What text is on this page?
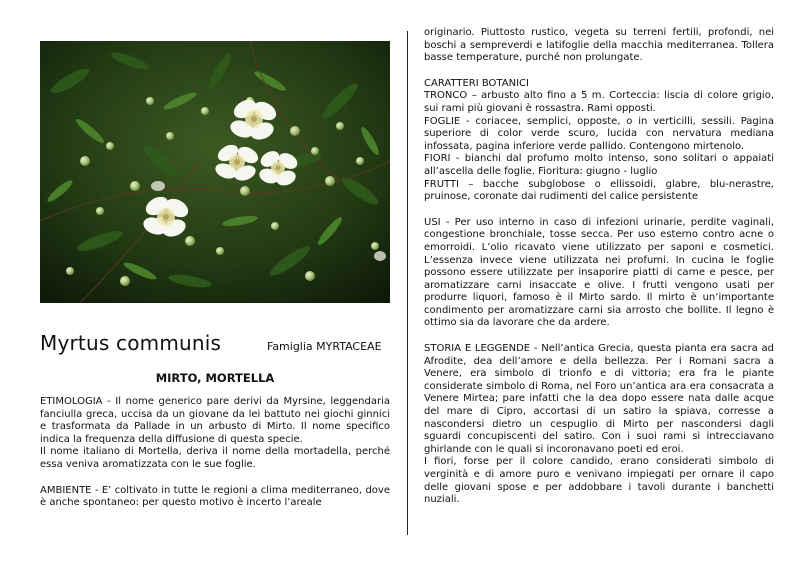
Myrtus communis	Famiglia MYRTACEAE
MIRTO, MORTELLA

ETIMOLOGIA - Il nome generico pare derivi da Myrsine, leggendaria fanciulla greca, uccisa da un giovane da lei battuto nei giochi ginnici e trasformata da Pallade in un arbusto di Mirto. Il nome specifico indica la frequenza della diffusione di questa specie.

Il nome italiano di Mortella, deriva il nome della mortadella, perché essa veniva aromatizzata con le sue foglie.

AMBIENTE - E’ coltivato in tutte le regioni a clima mediterraneo, dove è anche spontaneo: per questo motivo è incerto l’areale

originario. Piuttosto rustico, vegeta su terreni fertili, profondi, nei boschi a sempreverdi e latifoglie della macchia mediterranea. Tollera basse temperature, purché non prolungate.

CARATTERI BOTANICI

TRONCO – arbusto alto fino a 5 m. Corteccia: liscia di colore grigio, sui rami più giovani è rossastra. Rami opposti.

FOGLIE - coriacee, semplici, opposte, o in verticilli, sessili. Pagina superiore di color verde scuro, lucida con nervatura mediana infossata, pagina inferiore verde pallido. Contengono mirtenolo.

FIORI - bianchi dal profumo molto intenso, sono solitari o appaiati all’ascella delle foglie. Fioritura: giugno - luglio

FRUTTI – bacche subglobose o ellissoidi, glabre, blu-nerastre, pruinose, coronate dai rudimenti del calice persistente

USI - Per uso interno in caso di infezioni urinarie, perdite vaginali, congestione bronchiale, tosse secca. Per uso esterno contro acne o emorroidi. L’olio ricavato viene utilizzato per saponi e cosmetici. L’essenza invece viene utilizzata nei profumi. In cucina le foglie possono essere utilizzate per insaporire piatti di carne e pesce, per aromatizzare carni insaccate e olive. I frutti vengono usati per produrre liquori, famoso è il Mirto sardo. Il mirto è un’importante condimento per aromatizzare carni sia arrosto che bollite. Il legno è ottimo sia da lavorare che da ardere.

STORIA E LEGGENDE - Nell’antica Grecia, questa pianta era sacra ad Afrodite, dea dell’amore e della bellezza. Per i Romani sacra a Venere, era simbolo di trionfo e di vittoria; era fra le piante considerate simbolo di Roma, nel Foro un’antica ara era consacrata a Venere Mirtea; pare infatti che la dea dopo essere nata dalle acque del mare di Cipro, accortasi di un satiro la spiava, corresse a nascondersi dietro un cespuglio di Mirto per nascondersi dagli sguardi concupiscenti del satiro. Con i suoi rami si intrecciavano ghirlande con le quali si incoronavano poeti ed eroi.

I fiori, forse per il colore candido, erano considerati simbolo di verginità e di amore puro e venivano impiegati per ornare il capo delle giovani spose e per addobbare i tavoli durante i banchetti nuziali.
